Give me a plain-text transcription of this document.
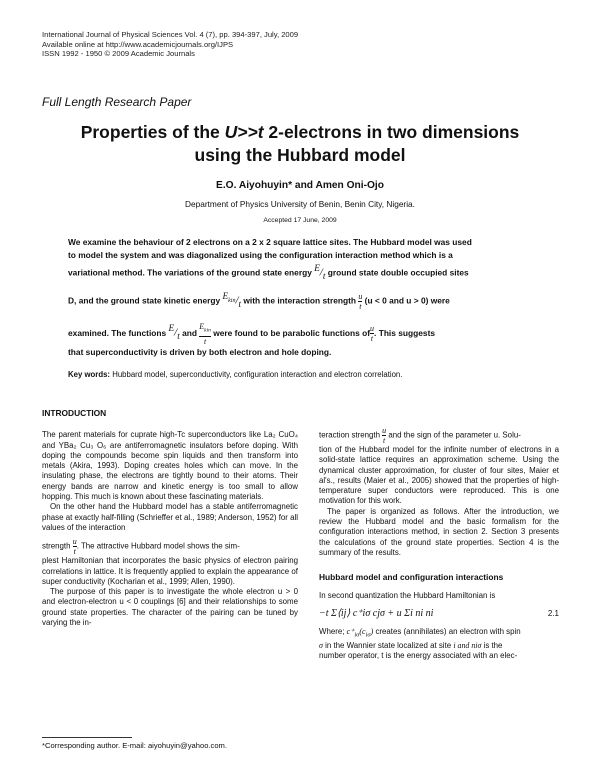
International Journal of Physical Sciences Vol. 4 (7), pp. 394-397, July, 2009
Available online at http://www.academicjournals.org/IJPS
ISSN 1992 - 1950 © 2009 Academic Journals
Full Length Research Paper
Properties of the U>>t 2-electrons in two dimensions
using the Hubbard model
E.O. Aiyohuyin* and Amen Oni-Ojo
Department of Physics University of Benin, Benin City, Nigeria.
Accepted 17 June, 2009
We examine the behaviour of 2 electrons on a 2 x 2 square lattice sites. The Hubbard model was used
to model the system and was diagonalized using the configuration interaction method which is a
variational method. The variations of the ground state energy $^E/_t$ ground state double occupied sites
D, and the ground state kinetic energy $^{E_{kin}}/_t$ with the interaction strength $\frac{u}{t} (u < 0$ and u > 0) were
examined. The functions $^E/_t$ and $\frac{E_{kin}}{t}$ were found to be parabolic functions of $\frac{u}{t}$ . This suggests
that superconductivity is driven by both electron and hole doping.
Key words: Hubbard model, superconductivity, configuration interaction and electron correlation.
INTRODUCTION

The parent materials for cuprate high-Tc superconductors like La₂ CuO₄ and YBa₂ Cu₃ O₆ are antiferromagnetic insulators before doping. With doping the compounds become spin liquids and then transform into metals (Akira, 1993). Doping creates holes which can move. In the insulating phase, the electrons are tightly bound to their atoms. Their energy bands are narrow and kinetic energy is too small to allow hopping. This much is known about these fascinating materials.

On the other hand the Hubbard model has a stable antiferromagnetic phase at exactly half-filling (Schrieffer et al., 1989; Anderson, 1952) for all values of the interaction

strength $\frac{u}{t}$ . The attractive Hubbard model shows the sim-

plest Hamiltonian that incorporates the basic physics of electron pairing correlations in lattice. It is frequently applied to explain the appearance of super conductivity (Kocharian et al., 1999; Allen, 1990).

The purpose of this paper is to investigate the whole electron u > 0 and electron-electron u < 0 couplings [6] and their relationships to some ground state properties. The character of the pairing can be tuned by varying the in-

teraction strength $\frac{u}{t}$ and the sign of the parameter u. Solu-

tion of the Hubbard model for the infinite number of electrons in a solid-state lattice requires an approximation scheme. Using the dynamical cluster approximation, for cluster of four sites, Maier et al's., results (Maier et al., 2005) showed that the properties of high-temperature super conductors were reproduced. This is one motivation for this work.

The paper is organized as follows. After the introduction, we review the Hubbard model and the basic formalism for the configuration interactions method, in section 2. Section 3 presents the calculations of the ground state properties. Section 4 is the summary of the results.

Hubbard model and configuration interactions

In second quantization the Hubbard Hamiltonian is

−t Σ⟨ij⟩ c⁺iσ cjσ + u Σi ni ni	2.1

Where; $c^+_{i\sigma}(c_{i\sigma})$ creates (annihilates) an electron with spin

σ in the Wannier state localized at site i and niσ is the

number operator, t is the energy associated with an elec-

*Corresponding author. E-mail: aiyohuyin@yahoo.com.
